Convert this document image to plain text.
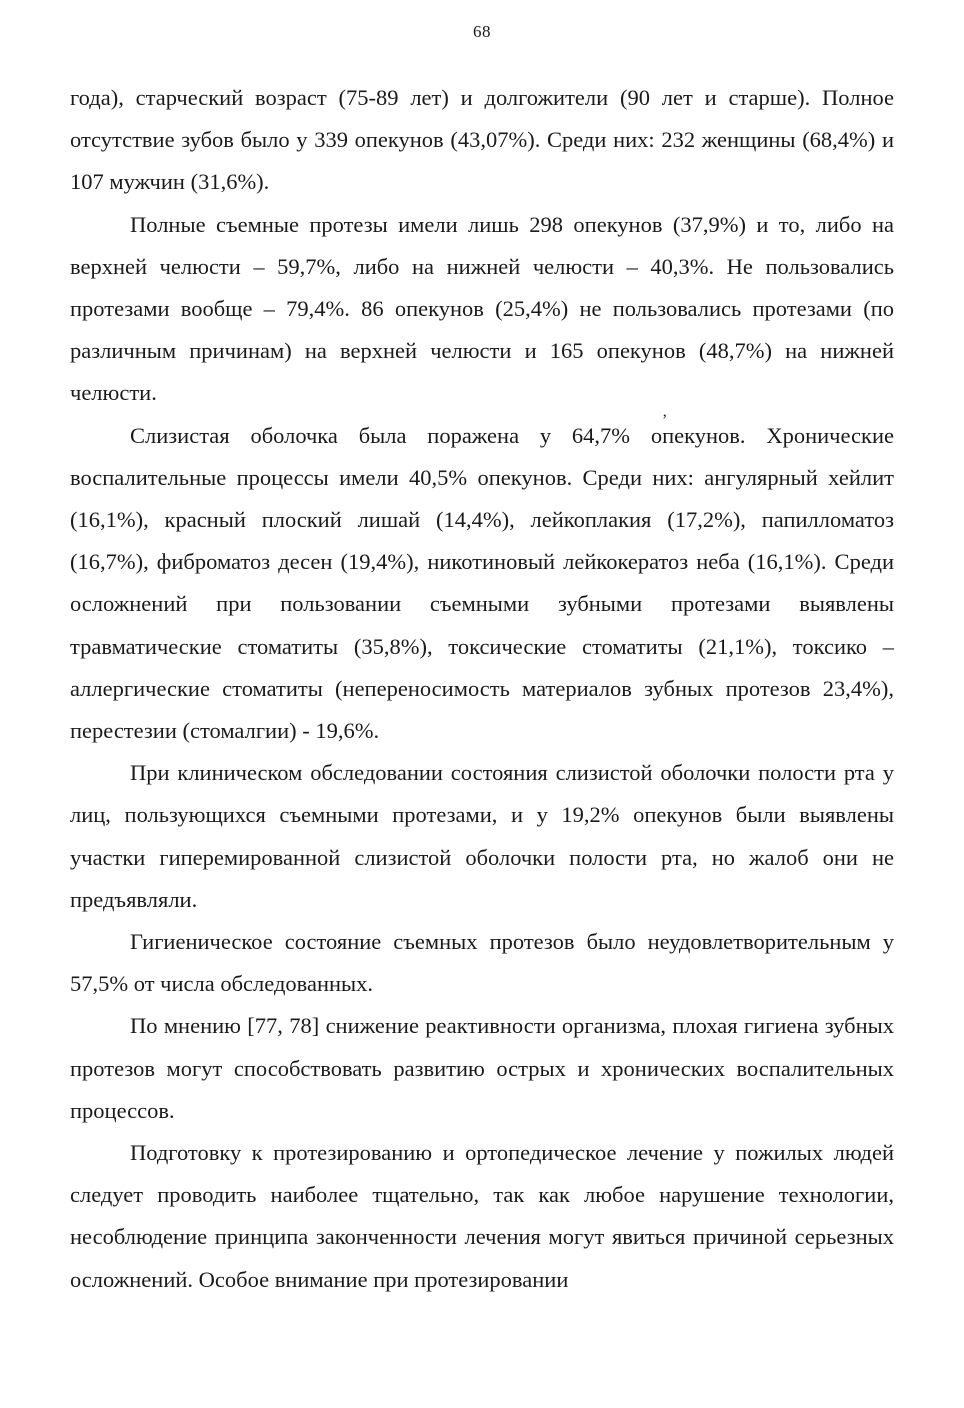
68

года), старческий возраст (75-89 лет) и долгожители (90 лет и старше). Полное отсутствие зубов было у 339 опекунов (43,07%). Среди них: 232 женщины (68,4%) и 107 мужчин (31,6%).

Полные съемные протезы имели лишь 298 опекунов (37,9%) и то, либо на верхней челюсти – 59,7%, либо на нижней челюсти – 40,3%. Не пользовались протезами вообще – 79,4%. 86 опекунов (25,4%) не пользовались протезами (по различным причинам) на верхней челюсти и 165 опекунов (48,7%) на нижней челюсти.

Слизистая оболочка была поражена у 64,7% опекунов. Хронические воспалительные процессы имели 40,5% опекунов. Среди них: ангулярный хейлит (16,1%), красный плоский лишай (14,4%), лейкоплакия (17,2%), папилломатоз (16,7%), фиброматоз десен (19,4%), никотиновый лейкокератоз неба (16,1%). Среди осложнений при пользовании съемными зубными протезами выявлены травматические стоматиты (35,8%), токсические стоматиты (21,1%), токсико – аллергические стоматиты (непереносимость материалов зубных протезов 23,4%), перестезии (стомалгии) - 19,6%.

При клиническом обследовании состояния слизистой оболочки полости рта у лиц, пользующихся съемными протезами, и у 19,2% опекунов были выявлены участки гиперемированной слизистой оболочки полости рта, но жалоб они не предъявляли.

Гигиеническое состояние съемных протезов было неудовлетворительным у 57,5% от числа обследованных.

По мнению [77, 78] снижение реактивности организма, плохая гигиена зубных протезов могут способствовать развитию острых и хронических воспалительных процессов.

Подготовку к протезированию и ортопедическое лечение у пожилых людей следует проводить наиболее тщательно, так как любое нарушение технологии, несоблюдение принципа законченности лечения могут явиться причиной серьезных осложнений. Особое внимание при протезировании

‚
